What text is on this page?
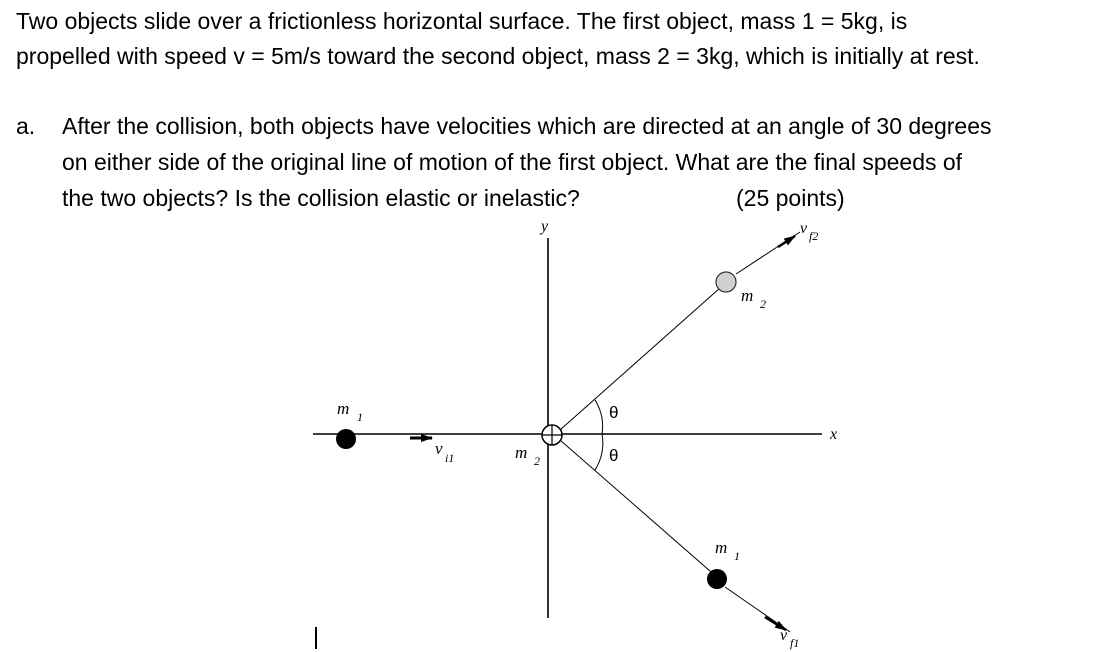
Two objects slide over a frictionless horizontal surface. The first object, mass 1 = 5kg, is
propelled with speed v = 5m/s toward the second object, mass 2 = 3kg, which is initially at rest.
a. After the collision, both objects have velocities which are directed at an angle of 30 degrees
on either side of the original line of motion of the first object. What are the final speeds of
the two objects? Is the collision elastic or inelastic?	(25 points)
x
y
m 1
v i1	m 2
θ
θ
m 2
v f2
m 1
v f1
